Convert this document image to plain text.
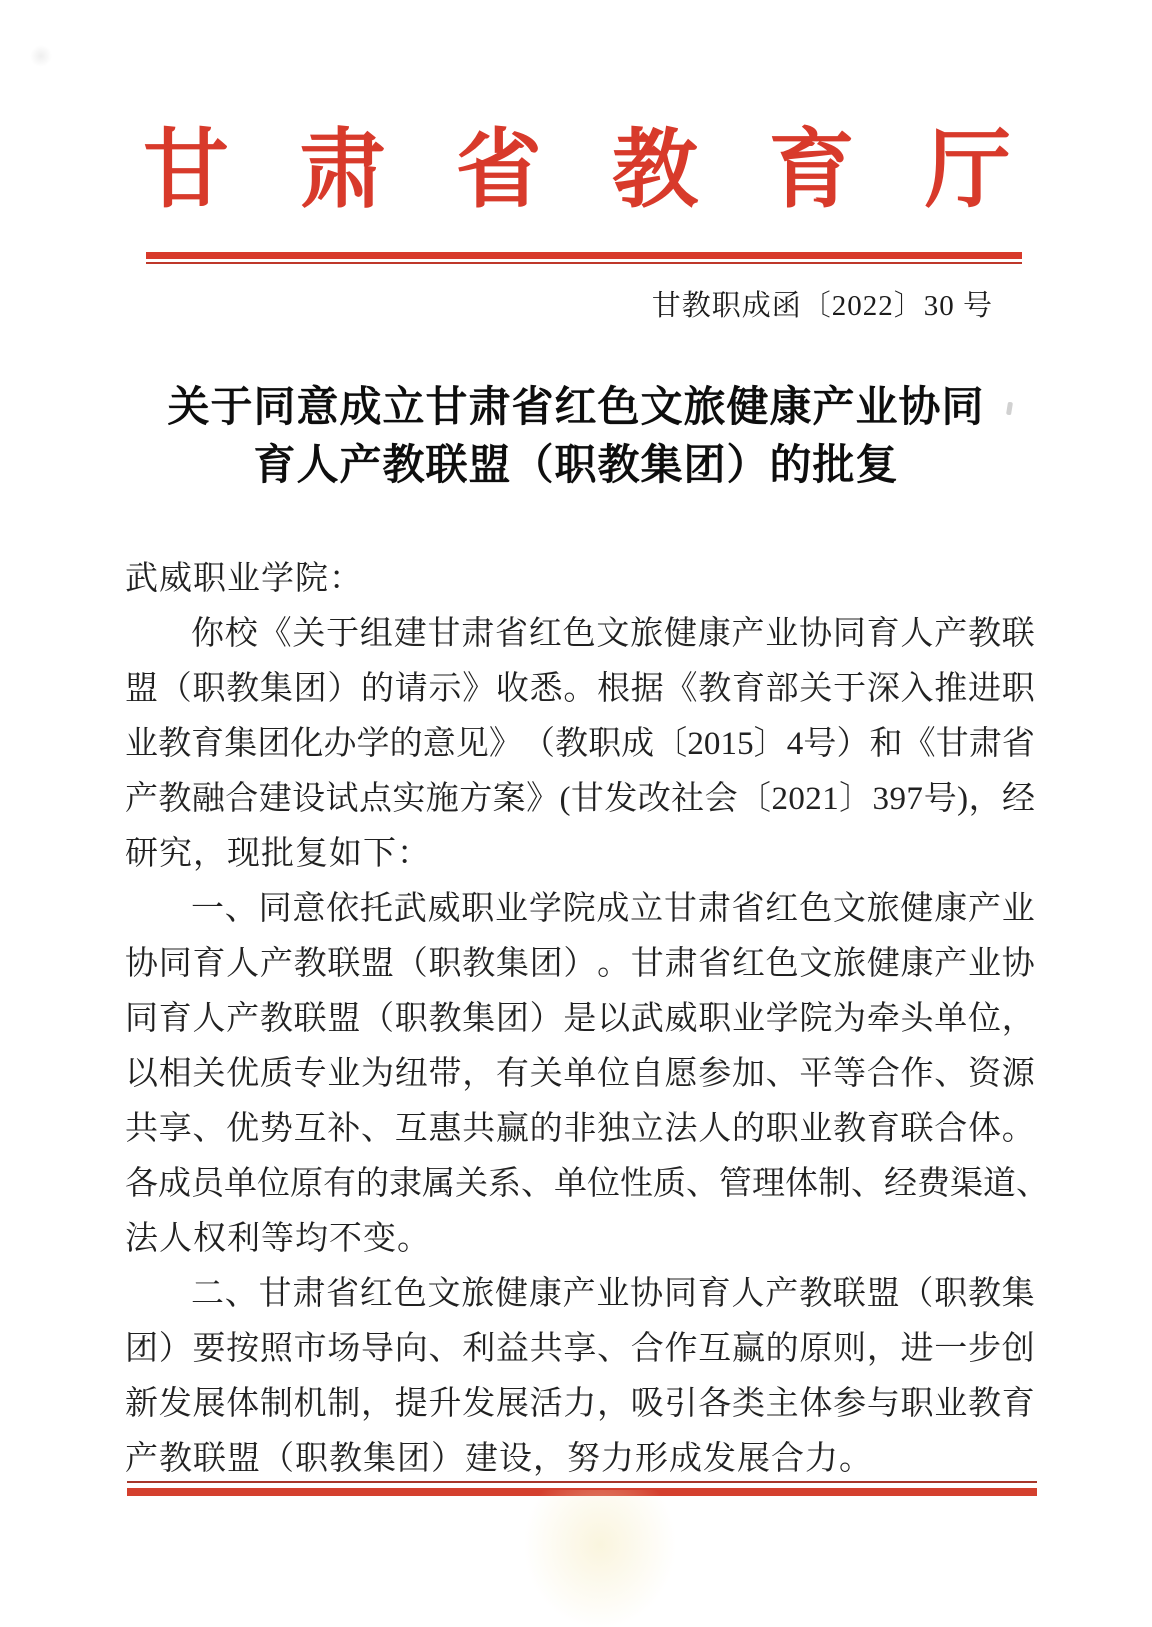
甘 肃 省 教 育 厅
甘教职成函〔2022〕30 号
关于同意成立甘肃省红色文旅健康产业协同
育人产教联盟（职教集团）的批复
武威职业学院：
你 校 《 关 于 组 建 甘 肃 省 红 色 文 旅 健 康 产 业 协 同 育 人 产 教 联
盟 （ 职 教 集 团 ） 的 请 示 》 收 悉 。 根 据 《 教 育 部 关 于 深 入 推 进 职
业 教 育 集 团 化 办 学 的 意 见 》 （ 教 职 成 〔 2 0 1 5 〕 4 号 ） 和 《 甘 肃 省
产 教 融 合 建 设 试 点 实 施 方 案 》 ( 甘 发 改 社 会 〔 2 0 2 1 〕 3 9 7 号 ) ， 经
研究，现批复如下：
一 、 同 意 依 托 武 威 职 业 学 院 成 立 甘 肃 省 红 色 文 旅 健 康 产 业
协 同 育 人 产 教 联 盟 （ 职 教 集 团 ） 。 甘 肃 省 红 色 文 旅 健 康 产 业 协
同 育 人 产 教 联 盟 （ 职 教 集 团 ） 是 以 武 威 职 业 学 院 为 牵 头 单 位 ，
以 相 关 优 质 专 业 为 纽 带 ， 有 关 单 位 自 愿 参 加 、 平 等 合 作 、 资 源
共 享 、 优 势 互 补 、 互 惠 共 赢 的 非 独 立 法 人 的 职 业 教 育 联 合 体 。
各 成 员 单 位 原 有 的 隶 属 关 系 、 单 位 性 质 、 管 理 体 制 、 经 费 渠 道 、
法人权利等均不变。
二 、 甘 肃 省 红 色 文 旅 健 康 产 业 协 同 育 人 产 教 联 盟 （ 职 教 集
团 ） 要 按 照 市 场 导 向 、 利 益 共 享 、 合 作 互 赢 的 原 则 ， 进 一 步 创
新 发 展 体 制 机 制 ， 提 升 发 展 活 力 ， 吸 引 各 类 主 体 参 与 职 业 教 育
产教联盟（职教集团）建设，努力形成发展合力。
